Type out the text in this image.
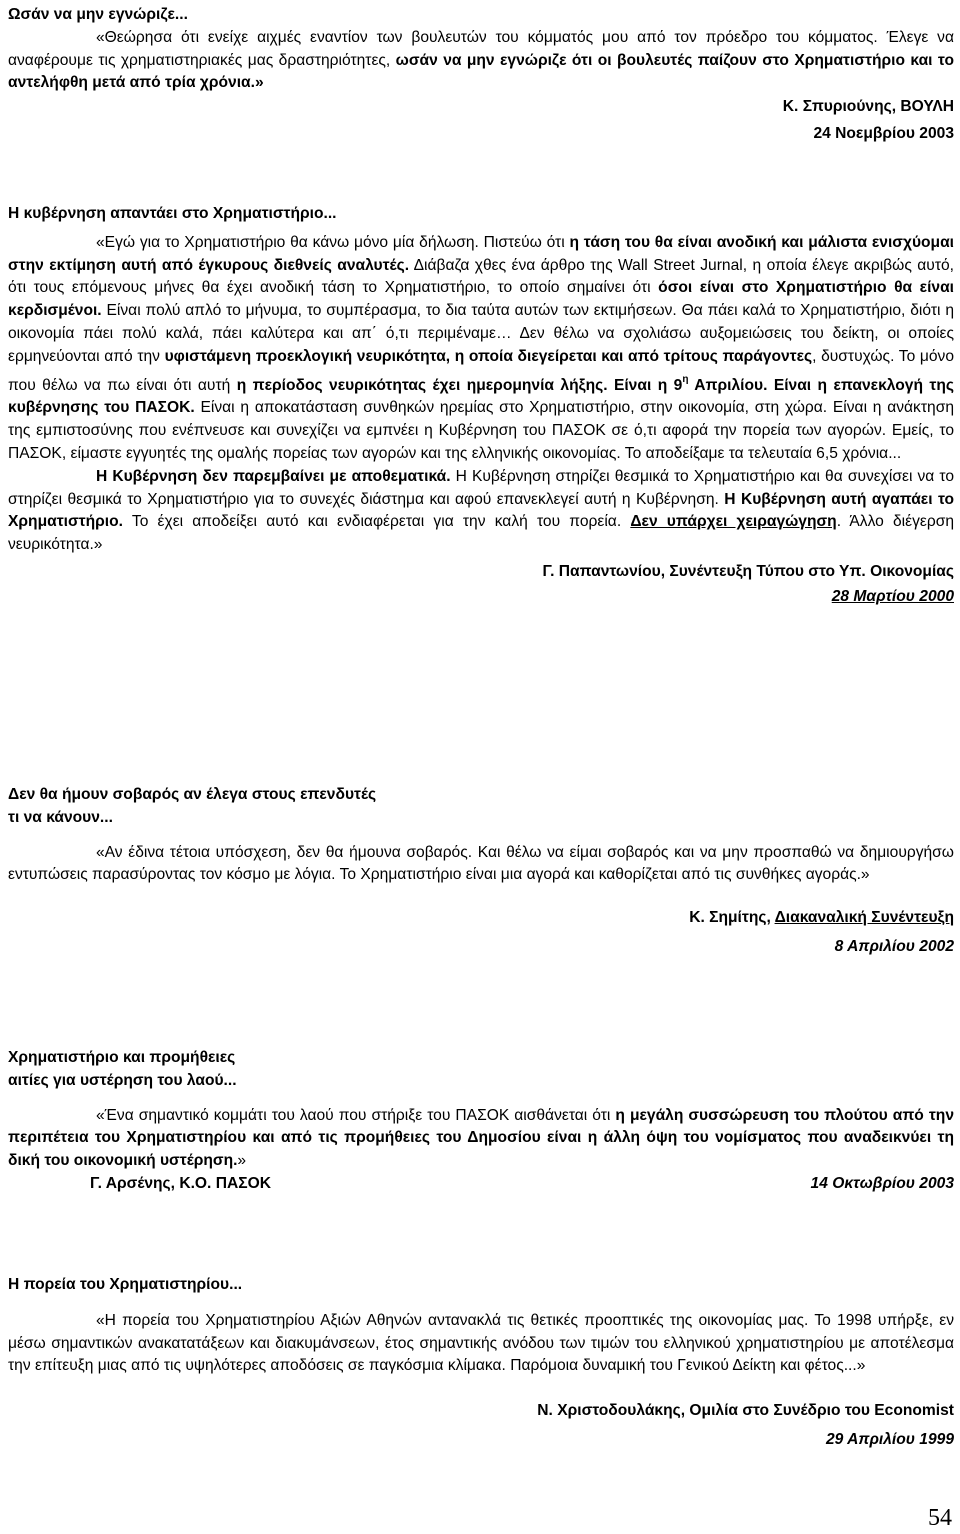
Ωσάν να μην εγνώριζε...
«Θεώρησα ότι ενείχε αιχμές εναντίον των βουλευτών του κόμματός μου από τον πρόεδρο του κόμματος. Έλεγε να αναφέρουμε τις χρηματιστηριακές μας δραστηριότητες, ωσάν να μην εγνώριζε ότι οι βουλευτές παίζουν στο Χρηματιστήριο και το αντελήφθη μετά από τρία χρόνια.»
Κ. Σπυριούνης, ΒΟΥΛΗ
24 Νοεμβρίου 2003
Η κυβέρνηση απαντάει στο Χρηματιστήριο...
«Εγώ για το Χρηματιστήριο θα κάνω μόνο μία δήλωση. Πιστεύω ότι η τάση του θα είναι ανοδική και μάλιστα ενισχύομαι στην εκτίμηση αυτή από έγκυρους διεθνείς αναλυτές. Διάβαζα χθες ένα άρθρο της Wall Street Jurnal, η οποία έλεγε ακριβώς αυτό, ότι τους επόμενους μήνες θα έχει ανοδική τάση το Χρηματιστήριο, το οποίο σημαίνει ότι όσοι είναι στο Χρηματιστήριο θα είναι κερδισμένοι. Είναι πολύ απλό το μήνυμα, το συμπέρασμα, το δια ταύτα αυτών των εκτιμήσεων. Θα πάει καλά το Χρηματιστήριο, διότι η οικονομία πάει πολύ καλά, πάει καλύτερα και απ΄ ό,τι περιμέναμε… Δεν θέλω να σχολιάσω αυξομειώσεις του δείκτη, οι οποίες ερμηνεύονται από την υφιστάμενη προεκλογική νευρικότητα, η οποία διεγείρεται και από τρίτους παράγοντες, δυστυχώς. Το μόνο που θέλω να πω είναι ότι αυτή η περίοδος νευρικότητας έχει ημερομηνία λήξης. Είναι η $9^\eta$ Απριλίου. Είναι η επανεκλογή της κυβέρνησης του ΠΑΣΟΚ. Είναι η αποκατάσταση συνθηκών ηρεμίας στο Χρηματιστήριο, στην οικονομία, στη χώρα. Είναι η ανάκτηση της εμπιστοσύνης που ενέπνευσε και συνεχίζει να εμπνέει η Κυβέρνηση του ΠΑΣΟΚ σε ό,τι αφορά την πορεία των αγορών. Εμείς, το ΠΑΣΟΚ, είμαστε εγγυητές της ομαλής πορείας των αγορών και της ελληνικής οικονομίας. Το αποδείξαμε τα τελευταία 6,5 χρόνια...
Η Κυβέρνηση δεν παρεμβαίνει με αποθεματικά. Η Κυβέρνηση στηρίζει θεσμικά το Χρηματιστήριο και θα συνεχίσει να το στηρίζει θεσμικά το Χρηματιστήριο για το συνεχές διάστημα και αφού επανεκλεγεί αυτή η Κυβέρνηση. Η Κυβέρνηση αυτή αγαπάει το Χρηματιστήριο. Το έχει αποδείξει αυτό και ενδιαφέρεται για την καλή του πορεία. Δεν υπάρχει χειραγώγηση. Άλλο διέγερση νευρικότητα.»
Γ. Παπαντωνίου, Συνέντευξη Τύπου στο Υπ. Οικονομίας
28 Μαρτίου 2000
Δεν θα ήμουν σοβαρός αν έλεγα στους επενδυτές
τι να κάνουν...
«Αν έδινα τέτοια υπόσχεση, δεν θα ήμουνα σοβαρός. Και θέλω να είμαι σοβαρός και να μην προσπαθώ να δημιουργήσω εντυπώσεις παρασύροντας τον κόσμο με λόγια. Το Χρηματιστήριο είναι μια αγορά και καθορίζεται από τις συνθήκες αγοράς.»
Κ. Σημίτης, Διακαναλική Συνέντευξη
8 Απριλίου 2002
Χρηματιστήριο και προμήθειες
αιτίες για υστέρηση του λαού...
«Ένα σημαντικό κομμάτι του λαού που στήριξε του ΠΑΣΟΚ αισθάνεται ότι η μεγάλη συσσώρευση του πλούτου από την περιπέτεια του Χρηματιστηρίου και από τις προμήθειες του Δημοσίου είναι η άλλη όψη του νομίσματος που αναδεικνύει τη δική του οικονομική υστέρηση.»
Γ. Αρσένης, Κ.Ο. ΠΑΣΟΚ	14 Οκτωβρίου 2003
Η πορεία του Χρηματιστηρίου...
«Η πορεία του Χρηματιστηρίου Αξιών Αθηνών αντανακλά τις θετικές προοπτικές της οικονομίας μας. Το 1998 υπήρξε, εν μέσω σημαντικών ανακατατάξεων και διακυμάνσεων, έτος σημαντικής ανόδου των τιμών του ελληνικού χρηματιστηρίου με αποτέλεσμα την επίτευξη μιας από τις υψηλότερες αποδόσεις σε παγκόσμια κλίμακα. Παρόμοια δυναμική του Γενικού Δείκτη και φέτος...»
Ν. Χριστοδουλάκης, Ομιλία στο Συνέδριο του Economist
29 Απριλίου 1999
54
